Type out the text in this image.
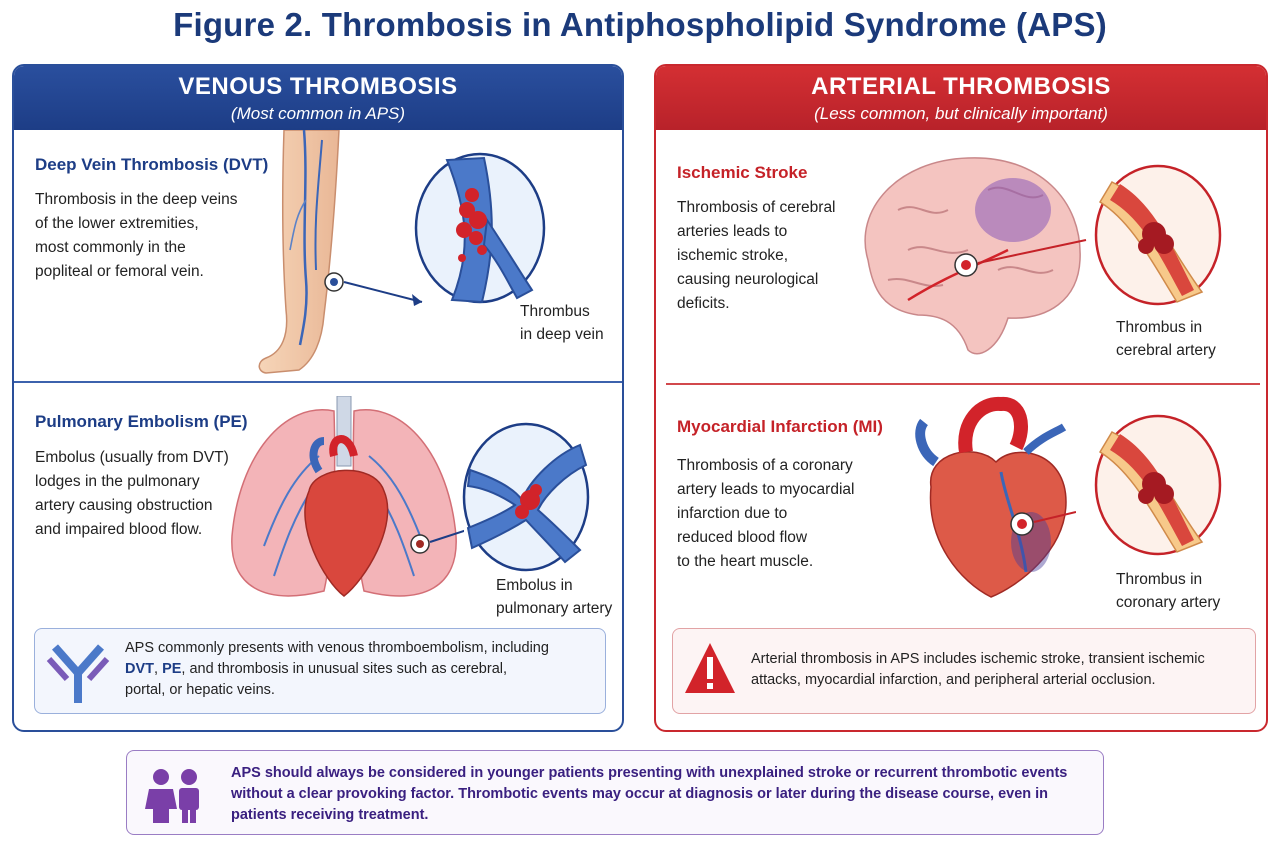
Figure 2. Thrombosis in Antiphospholipid Syndrome (APS)
VENOUS THROMBOSIS
(Most common in APS)
Deep Vein Thrombosis (DVT)
Thrombosis in the deep veins
of the lower extremities,
most commonly in the
popliteal or femoral vein.
Thrombus
in deep vein
Pulmonary Embolism (PE)
Embolus (usually from DVT)
lodges in the pulmonary
artery causing obstruction
and impaired blood flow.
Embolus in
pulmonary artery
APS commonly presents with venous thromboembolism, including
DVT, PE, and thrombosis in unusual sites such as cerebral,
portal, or hepatic veins.
ARTERIAL THROMBOSIS
(Less common, but clinically important)
Ischemic Stroke
Thrombosis of cerebral
arteries leads to
ischemic stroke,
causing neurological
deficits.
Thrombus in
cerebral artery
Myocardial Infarction (MI)
Thrombosis of a coronary
artery leads to myocardial
infarction due to
reduced blood flow
to the heart muscle.
Thrombus in
coronary artery
Arterial thrombosis in APS includes ischemic stroke, transient ischemic
attacks, myocardial infarction, and peripheral arterial occlusion.
APS should always be considered in younger patients presenting with unexplained stroke or recurrent thrombotic events
without a clear provoking factor. Thrombotic events may occur at diagnosis or later during the disease course, even in
patients receiving treatment.
